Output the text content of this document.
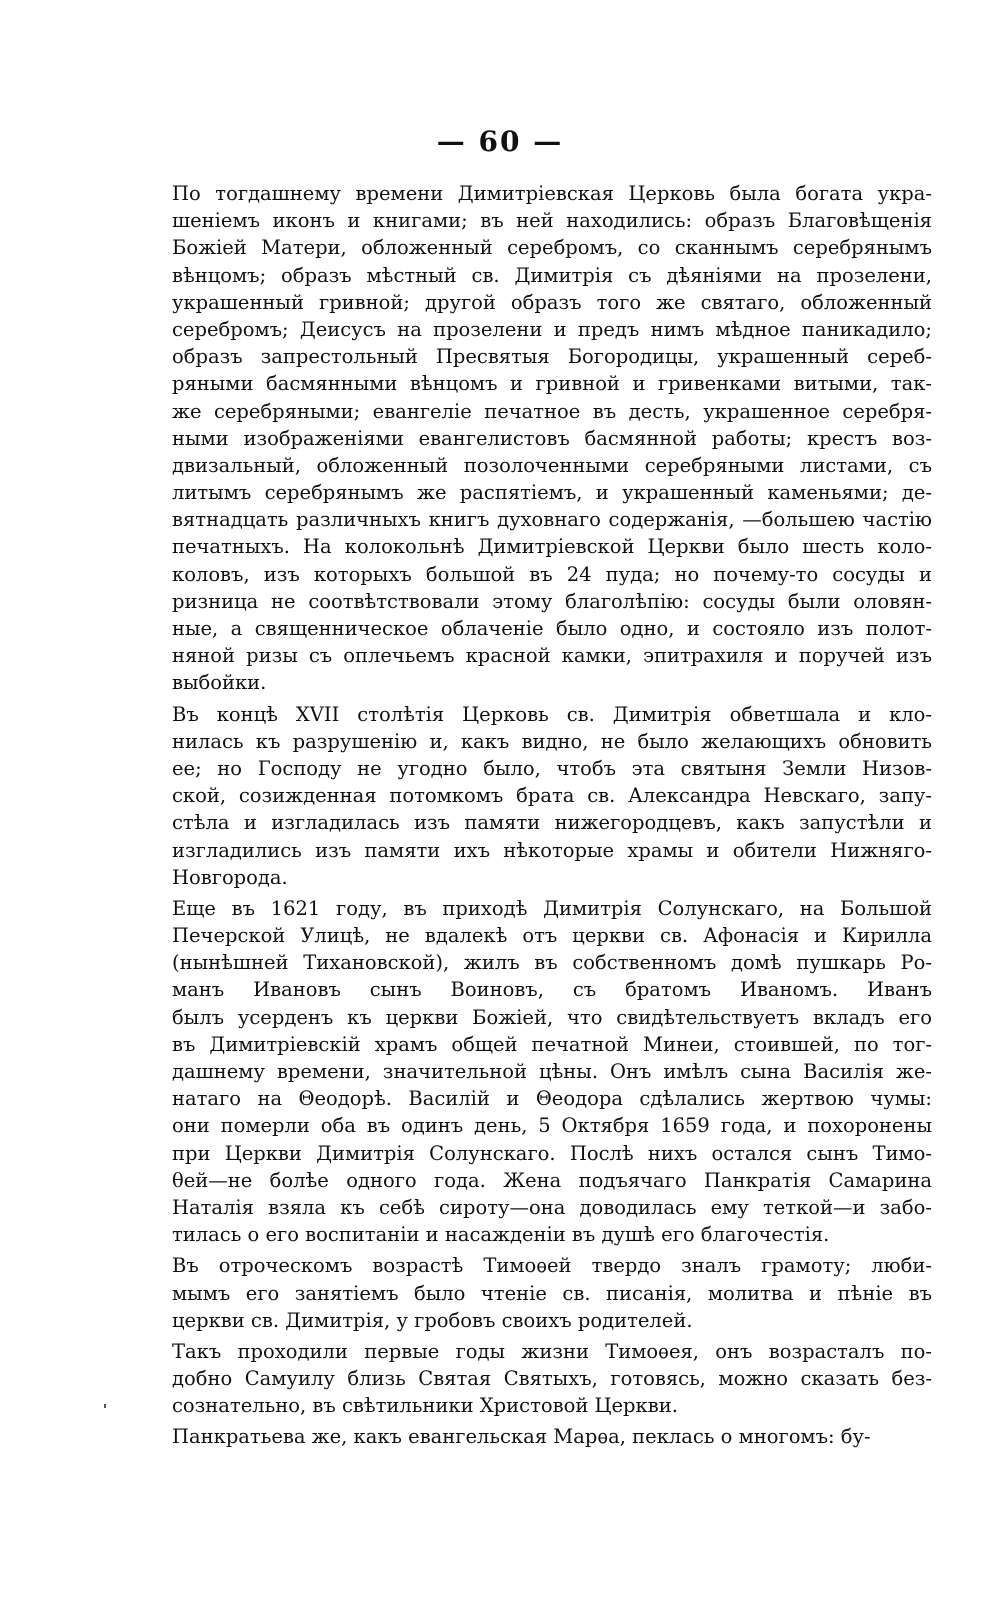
— 60 —
По тогдашнему времени Димитріевская Церковь была богата укра-
шеніемъ иконъ и книгами; въ ней находились: образъ Благовѣщенія
Божіей Матери, обложенный серебромъ, со сканнымъ серебрянымъ
вѣнцомъ; образъ мѣстный св. Димитрія съ дѣяніями на прозелени,
украшенный гривной; другой образъ того же святаго, обложенный
серебромъ; Деисусъ на прозелени и предъ нимъ мѣдное паникадило;
образъ запрестольный Пресвятыя Богородицы, украшенный сереб-
ряными басмянными вѣнцомъ и гривной и гривенками витыми, так-
же серебряными; евангеліе печатное въ десть, украшенное серебря-
ными изображеніями евангелистовъ басмянной работы; крестъ воз-
двизальный, обложенный позолоченными серебряными листами, съ
литымъ серебрянымъ же распятіемъ, и украшенный каменьями; де-
вятнадцать различныхъ книгъ духовнаго содержанія, —большею частію
печатныхъ. На колокольнѣ Димитріевской Церкви было шесть коло-
коловъ, изъ которыхъ большой въ 24 пуда; но почему-то сосуды и
ризница не соотвѣтствовали этому благолѣпію: сосуды были оловян-
ные, а священническое облаченіе было одно, и состояло изъ полот-
няной ризы съ оплечьемъ красной камки, эпитрахиля и поручей изъ
выбойки.
Въ концѣ XVII столѣтія Церковь св. Димитрія обветшала и кло-
нилась къ разрушенію и, какъ видно, не было желающихъ обновить
ее; но Господу не угодно было, чтобъ эта святыня Земли Низов-
ской, созижденная потомкомъ брата св. Александра Невскаго, запу-
стѣла и изгладилась изъ памяти нижегородцевъ, какъ запустѣли и
изгладились изъ памяти ихъ нѣкоторые храмы и обители Нижняго-
Новгорода.
Еще въ 1621 году, въ приходѣ Димитрія Солунскаго, на Большой
Печерской Улицѣ, не вдалекѣ отъ церкви св. Афонасія и Кирилла
(нынѣшней Тихановской), жилъ въ собственномъ домѣ пушкарь Ро-
манъ Ивановъ сынъ Воиновъ, съ братомъ Иваномъ. Иванъ
былъ усерденъ къ церкви Божіей, что свидѣтельствуетъ вкладъ его
въ Димитріевскій храмъ общей печатной Минеи, стоившей, по тог-
дашнему времени, значительной цѣны. Онъ имѣлъ сына Василія же-
натаго на Θеодорѣ. Василій и Θеодора сдѣлались жертвою чумы:
они померли оба въ одинъ день, 5 Октября 1659 года, и похоронены
при Церкви Димитрія Солунскаго. Послѣ нихъ остался сынъ Тимо-
θей—не болѣе одного года. Жена подъячаго Панкратія Самарина
Наталія взяла къ себѣ сироту—она доводилась ему теткой—и забо-
тилась о его воспитаніи и насажденіи въ душѣ его благочестія.
Въ отроческомъ возрастѣ Тимоѳей твердо зналъ грамоту; люби-
мымъ его занятіемъ было чтеніе св. писанія, молитва и пѣніе въ
церкви св. Димитрія, у гробовъ своихъ родителей.
Такъ проходили первые годы жизни Тимоѳея, онъ возрасталъ по-
добно Самуилу близь Святая Святыхъ, готовясь, можно сказать без-
сознательно, въ свѣтильники Христовой Церкви.
Панкратьева же, какъ евангельская Марѳа, пеклась о многомъ: бу-
